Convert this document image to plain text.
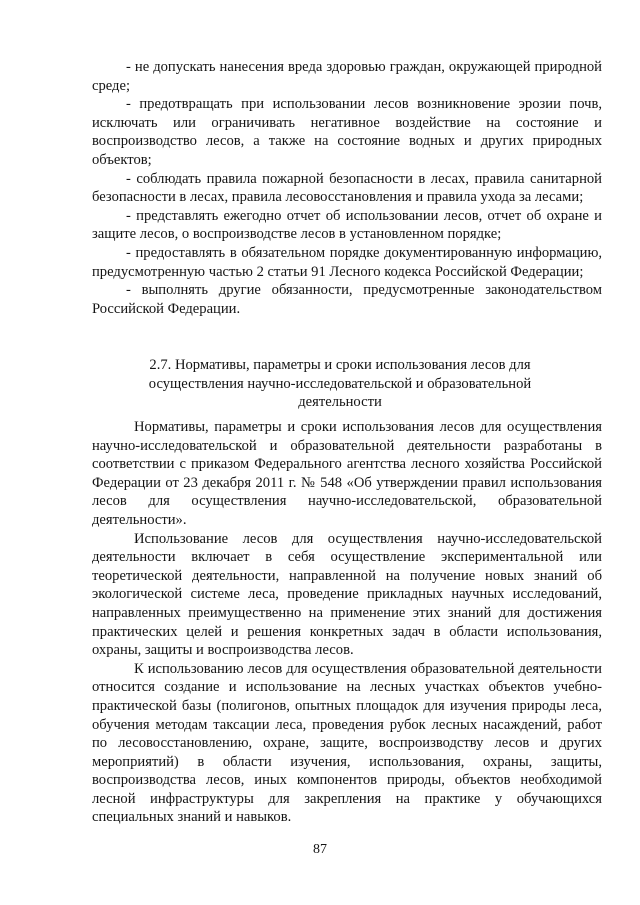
- не допускать нанесения вреда здоровью граждан, окружающей природной среде;

- предотвращать при использовании лесов возникновение эрозии почв, исключать или ограничивать негативное воздействие на состояние и воспроизводство лесов, а также на состояние водных и других природных объектов;

- соблюдать правила пожарной безопасности в лесах, правила санитарной безопасности в лесах, правила лесовосстановления и правила ухода за лесами;

- представлять ежегодно отчет об использовании лесов, отчет об охране и защите лесов, о воспроизводстве лесов в установленном порядке;

- предоставлять в обязательном порядке документированную информацию, предусмотренную частью 2 статьи 91 Лесного кодекса Российской Федерации;

- выполнять другие обязанности, предусмотренные законодательством Российской Федерации.

2.7. Нормативы, параметры и сроки использования лесов для осуществления научно-исследовательской и образовательной деятельности

Нормативы, параметры и сроки использования лесов для осуществления научно-исследовательской и образовательной деятельности разработаны в соответствии с приказом Федерального агентства лесного хозяйства Российской Федерации от 23 декабря 2011 г. № 548 «Об утверждении правил использования лесов для осуществления научно-исследовательской, образовательной деятельности».

Использование лесов для осуществления научно-исследовательской деятельности включает в себя осуществление экспериментальной или теоретической деятельности, направленной на получение новых знаний об экологической системе леса, проведение прикладных научных исследований, направленных преимущественно на применение этих знаний для достижения практических целей и решения конкретных задач в области использования, охраны, защиты и воспроизводства лесов.

К использованию лесов для осуществления образовательной деятельности относится создание и использование на лесных участках объектов учебно-практической базы (полигонов, опытных площадок для изучения природы леса, обучения методам таксации леса, проведения рубок лесных насаждений, работ по лесовосстановлению, охране, защите, воспроизводству лесов и других мероприятий) в области изучения, использования, охраны, защиты, воспроизводства лесов, иных компонентов природы, объектов необходимой лесной инфраструктуры для закрепления на практике у обучающихся специальных знаний и навыков.

87
